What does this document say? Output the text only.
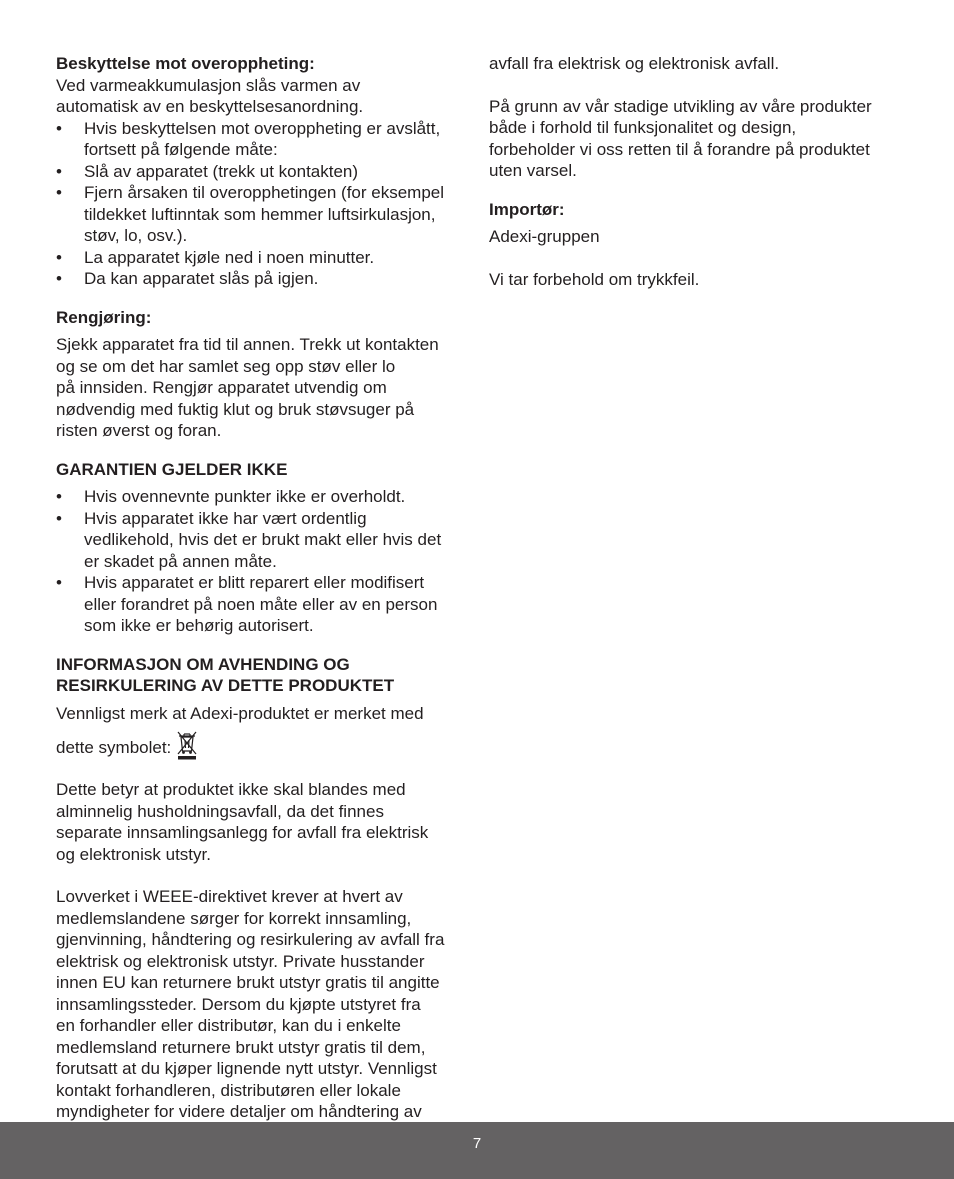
Beskyttelse mot overoppheting:

Ved varmeakkumulasjon slås varmen av
automatisk av en beskyttelsesanordning.

• Hvis beskyttelsen mot overoppheting er avslått,
fortsett på følgende måte:
• Slå av apparatet (trekk ut kontakten)
• Fjern årsaken til overopphetingen (for eksempel
tildekket luftinntak som hemmer luftsirkulasjon,
støv, lo, osv.).
• La apparatet kjøle ned i noen minutter.
• Da kan apparatet slås på igjen.
Rengjøring:

Sjekk apparatet fra tid til annen. Trekk ut kontakten
og se om det har samlet seg opp støv eller lo
på innsiden. Rengjør apparatet utvendig om
nødvendig med fuktig klut og bruk støvsuger på
risten øverst og foran.

GARANTIEN GJELDER IKKE
• Hvis ovennevnte punkter ikke er overholdt.
• Hvis apparatet ikke har vært ordentlig
vedlikehold, hvis det er brukt makt eller hvis det
er skadet på annen måte.
• Hvis apparatet er blitt reparert eller modifisert
eller forandret på noen måte eller av en person
som ikke er behørig autorisert.
INFORMASJON OM AVHENDING OG
RESIRKULERING AV DETTE PRODUKTET

Vennligst merk at Adexi-produktet er merket med

dette symbolet:

Dette betyr at produktet ikke skal blandes med
alminnelig husholdningsavfall, da det finnes
separate innsamlingsanlegg for avfall fra elektrisk
og elektronisk utstyr.

Lovverket i WEEE-direktivet krever at hvert av
medlemslandene sørger for korrekt innsamling,
gjenvinning, håndtering og resirkulering av avfall fra
elektrisk og elektronisk utstyr. Private husstander
innen EU kan returnere brukt utstyr gratis til angitte
innsamlingssteder. Dersom du kjøpte utstyret fra
en forhandler eller distributør, kan du i enkelte
medlemsland returnere brukt utstyr gratis til dem,
forutsatt at du kjøper lignende nytt utstyr. Vennligst
kontakt forhandleren, distributøren eller lokale
myndigheter for videre detaljer om håndtering av

avfall fra elektrisk og elektronisk avfall.

På grunn av vår stadige utvikling av våre produkter
både i forhold til funksjonalitet og design,
forbeholder vi oss retten til å forandre på produktet
uten varsel.

Importør:

Adexi-gruppen

Vi tar forbehold om trykkfeil.

7
